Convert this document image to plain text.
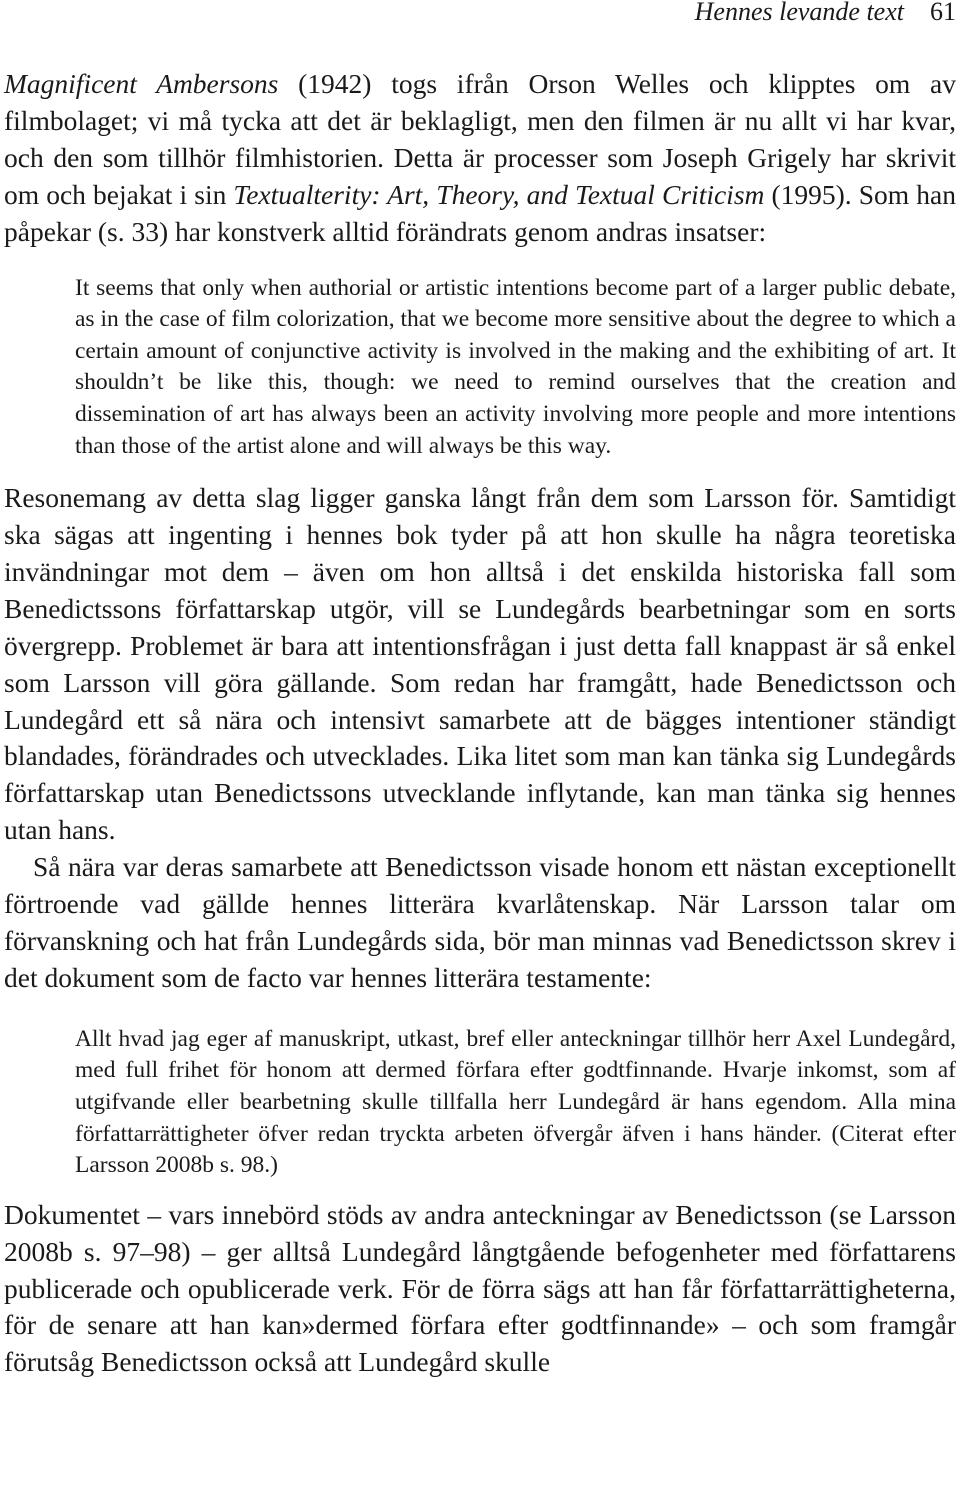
Hennes levande text 61

Magnificent Ambersons (1942) togs ifrån Orson Welles och klipptes om av filmbolaget; vi må tycka att det är beklagligt, men den filmen är nu allt vi har kvar, och den som tillhör filmhistorien. Detta är processer som Joseph Grigely har skrivit om och bejakat i sin Textualterity: Art, Theory, and Textual Criticism (1995). Som han påpekar (s. 33) har konstverk alltid förändrats genom andras insatser:

It seems that only when authorial or artistic intentions become part of a larger public debate, as in the case of film colorization, that we become more sensitive about the degree to which a certain amount of conjunctive activity is involved in the making and the exhibiting of art. It shouldn’t be like this, though: we need to remind ourselves that the creation and dissemination of art has always been an activity involving more people and more intentions than those of the artist alone and will always be this way.

Resonemang av detta slag ligger ganska långt från dem som Larsson för. Samtidigt ska sägas att ingenting i hennes bok tyder på att hon skulle ha några teoretiska invändningar mot dem – även om hon alltså i det enskilda historiska fall som Benedictssons författarskap utgör, vill se Lundegårds bearbetningar som en sorts övergrepp. Problemet är bara att intentionsfrågan i just detta fall knappast är så enkel som Larsson vill göra gällande. Som redan har framgått, hade Benedictsson och Lundegård ett så nära och intensivt samarbete att de bägges intentioner ständigt blandades, förändrades och utvecklades. Lika litet som man kan tänka sig Lundegårds författarskap utan Benedictssons utvecklande inflytande, kan man tänka sig hennes utan hans.

Så nära var deras samarbete att Benedictsson visade honom ett nästan exceptionellt förtroende vad gällde hennes litterära kvarlåtenskap. När Larsson talar om förvanskning och hat från Lundegårds sida, bör man minnas vad Benedictsson skrev i det dokument som de facto var hennes litterära testamente:

Allt hvad jag eger af manuskript, utkast, bref eller anteckningar tillhör herr Axel Lundegård, med full frihet för honom att dermed förfara efter godtfinnande. Hvarje inkomst, som af utgifvande eller bearbetning skulle tillfalla herr Lundegård är hans egendom. Alla mina författarrättigheter öfver redan tryckta arbeten öfvergår äfven i hans händer. (Citerat efter Larsson 2008b s. 98.)

Dokumentet – vars innebörd stöds av andra anteckningar av Benedictsson (se Larsson 2008b s. 97–98) – ger alltså Lundegård långtgående befogenheter med författarens publicerade och opublicerade verk. För de förra sägs att han får författarrättigheterna, för de senare att han kan»dermed förfara efter godtfinnande» – och som framgår förutsåg Benedictsson också att Lundegård skulle
